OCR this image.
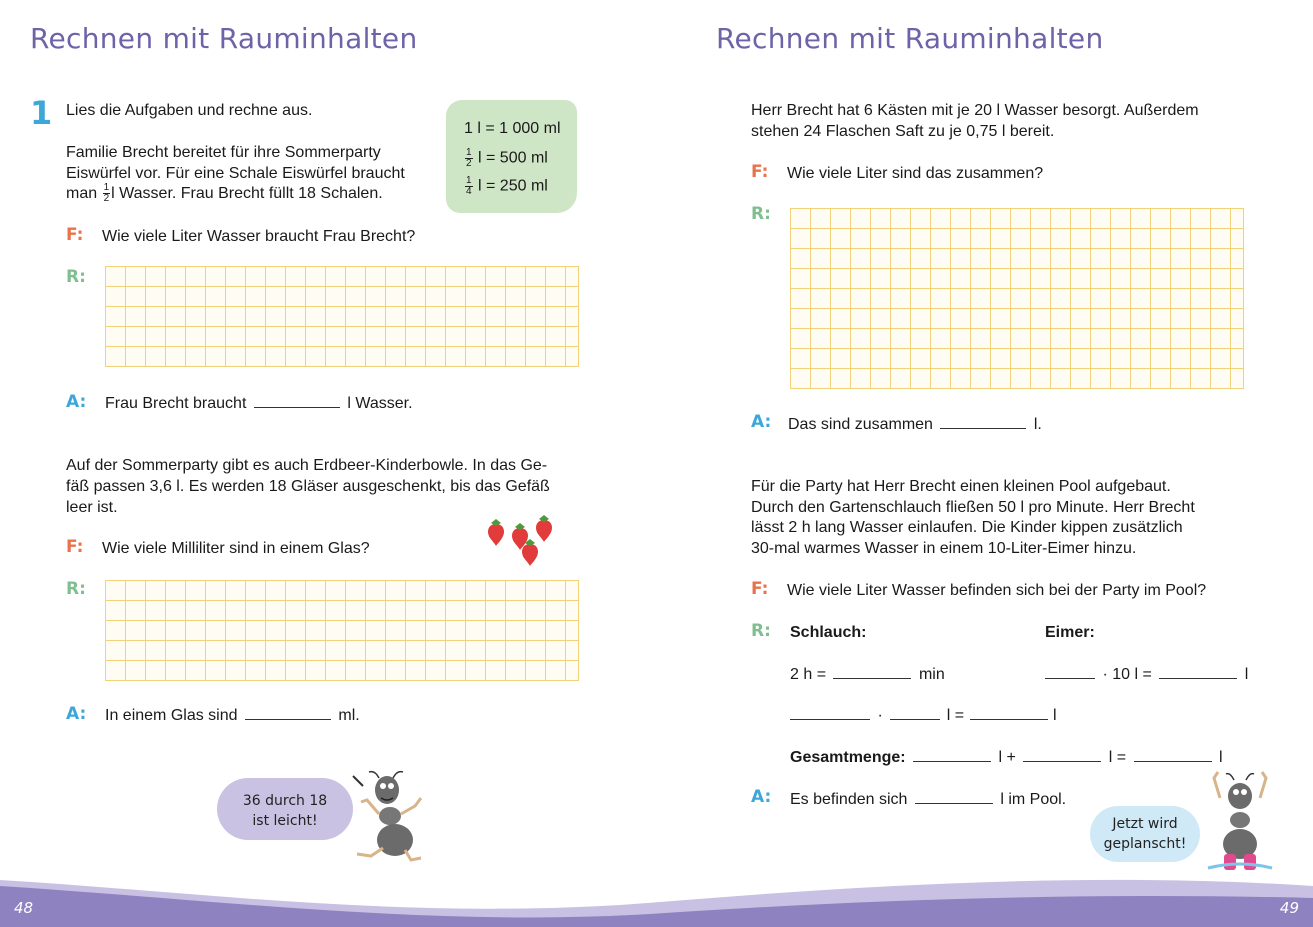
Rechnen mit Rauminhalten
1 Lies die Aufgaben und rechne aus.
1 l = 1 000 ml
$\frac{1}{2}$ l = 500 ml
$\frac{1}{4}$ l = 250 ml
Familie Brecht bereitet für ihre Sommerparty
Eiswürfel vor. Für eine Schale Eiswürfel braucht
man $\frac{1}{2}$ l Wasser. Frau Brecht füllt 18 Schalen.
F: Wie viele Liter Wasser braucht Frau Brecht?
R:
A: Frau Brecht braucht	l Wasser.
Auf der Sommerparty gibt es auch Erdbeer-Kinderbowle. In das Ge-
fäß passen 3,6 l. Es werden 18 Gläser ausgeschenkt, bis das Gefäß
leer ist.
F: Wie viele Milliliter sind in einem Glas?
R:
A: In einem Glas sind	ml.
36 durch 18
ist leicht!
Rechnen mit Rauminhalten
Herr Brecht hat 6 Kästen mit je 20 l Wasser besorgt. Außerdem
stehen 24 Flaschen Saft zu je 0,75 l bereit.
F: Wie viele Liter sind das zusammen?
R:
A: Das sind zusammen	l.
Für die Party hat Herr Brecht einen kleinen Pool aufgebaut.
Durch den Gartenschlauch fließen 50 l pro Minute. Herr Brecht
lässt 2 h lang Wasser einlaufen. Die Kinder kippen zusätzlich
30-mal warmes Wasser in einem 10-Liter-Eimer hinzu.
F: Wie viele Liter Wasser befinden sich bei der Party im Pool?
R: Schlauch:	Eimer:
2 h =	min	· 10 l =	l
·	l =	l
Gesamtmenge:	l +	l =	l
A: Es befinden sich	l im Pool.
Jetzt wird
geplanscht!
48	49
